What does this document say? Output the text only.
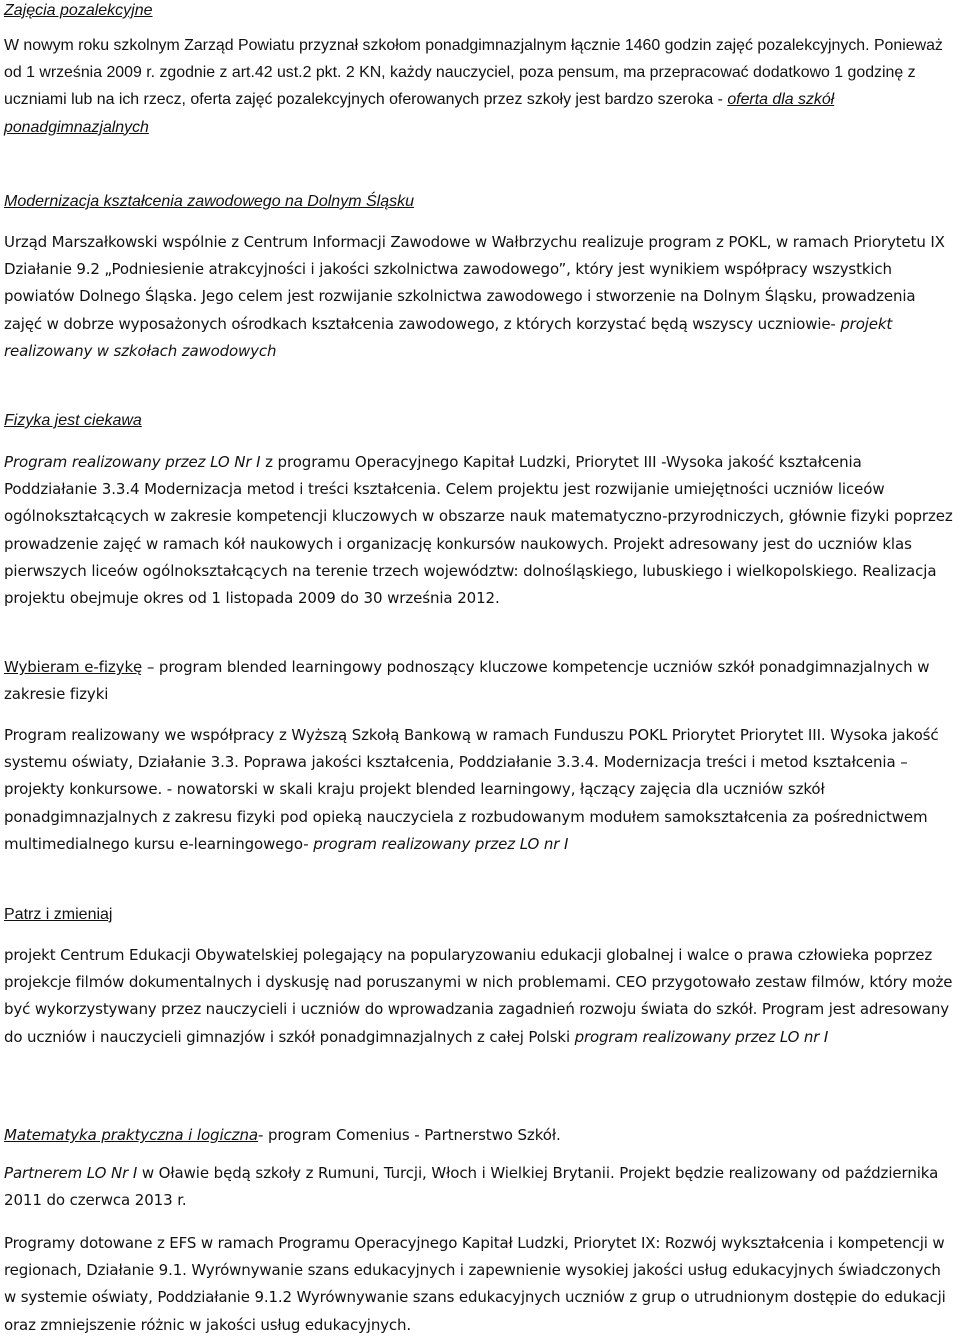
Zajęcia pozalekcyjne

W nowym roku szkolnym Zarząd Powiatu przyznał szkołom ponadgimnazjalnym łącznie 1460 godzin zajęć pozalekcyjnych. Ponieważ od 1 września 2009 r. zgodnie z art.42 ust.2 pkt. 2 KN, każdy nauczyciel, poza pensum, ma przepracować dodatkowo 1 godzinę z uczniami lub na ich rzecz, oferta zajęć pozalekcyjnych oferowanych przez szkoły jest bardzo szeroka - oferta dla szkół ponadgimnazjalnych

Modernizacja kształcenia zawodowego na Dolnym Śląsku

Urząd Marszałkowski wspólnie z Centrum Informacji Zawodowe w Wałbrzychu realizuje program z POKL, w ramach Priorytetu IX Działanie 9.2 „Podniesienie atrakcyjności i jakości szkolnictwa zawodowego”, który jest wynikiem współpracy wszystkich powiatów Dolnego Śląska. Jego celem jest rozwijanie szkolnictwa zawodowego i stworzenie na Dolnym Śląsku, prowadzenia zajęć w dobrze wyposażonych ośrodkach kształcenia zawodowego, z których korzystać będą wszyscy uczniowie- projekt realizowany w szkołach zawodowych

Fizyka jest ciekawa

Program realizowany przez LO Nr I z programu Operacyjnego Kapitał Ludzki, Priorytet III -Wysoka jakość kształcenia Poddziałanie 3.3.4 Modernizacja metod i treści kształcenia. Celem projektu jest rozwijanie umiejętności uczniów liceów ogólnokształcących w zakresie kompetencji kluczowych w obszarze nauk matematyczno-przyrodniczych, głównie fizyki poprzez prowadzenie zajęć w ramach kół naukowych i organizację konkursów naukowych. Projekt adresowany jest do uczniów klas pierwszych liceów ogólnokształcących na terenie trzech województw: dolnośląskiego, lubuskiego i wielkopolskiego. Realizacja projektu obejmuje okres od 1 listopada 2009 do 30 września 2012.

Wybieram e-fizykę – program blended learningowy podnoszący kluczowe kompetencje uczniów szkół ponadgimnazjalnych w zakresie fizyki

Program realizowany we współpracy z Wyższą Szkołą Bankową w ramach Funduszu POKL Priorytet Priorytet III. Wysoka jakość systemu oświaty, Działanie 3.3. Poprawa jakości kształcenia, Poddziałanie 3.3.4. Modernizacja treści i metod kształcenia – projekty konkursowe. - nowatorski w skali kraju projekt blended learningowy, łączący zajęcia dla uczniów szkół ponadgimnazjalnych z zakresu fizyki pod opieką nauczyciela z rozbudowanym modułem samokształcenia za pośrednictwem multimedialnego kursu e-learningowego- program realizowany przez LO nr I

Patrz i zmieniaj

projekt Centrum Edukacji Obywatelskiej polegający na popularyzowaniu edukacji globalnej i walce o prawa człowieka poprzez projekcje filmów dokumentalnych i dyskusję nad poruszanymi w nich problemami. CEO przygotowało zestaw filmów, który może być wykorzystywany przez nauczycieli i uczniów do wprowadzania zagadnień rozwoju świata do szkół. Program jest adresowany do uczniów i nauczycieli gimnazjów i szkół ponadgimnazjalnych z całej Polski program realizowany przez LO nr I

Matematyka praktyczna i logiczna- program Comenius - Partnerstwo Szkół.

Partnerem LO Nr I w Oławie będą szkoły z Rumuni, Turcji, Włoch i Wielkiej Brytanii. Projekt będzie realizowany od października 2011 do czerwca 2013 r.

Programy dotowane z EFS w ramach Programu Operacyjnego Kapitał Ludzki, Priorytet IX: Rozwój wykształcenia i kompetencji w regionach, Działanie 9.1. Wyrównywanie szans edukacyjnych i zapewnienie wysokiej jakości usług edukacyjnych świadczonych w systemie oświaty, Poddziałanie 9.1.2 Wyrównywanie szans edukacyjnych uczniów z grup o utrudnionym dostępie do edukacji oraz zmniejszenie różnic w jakości usług edukacyjnych.
